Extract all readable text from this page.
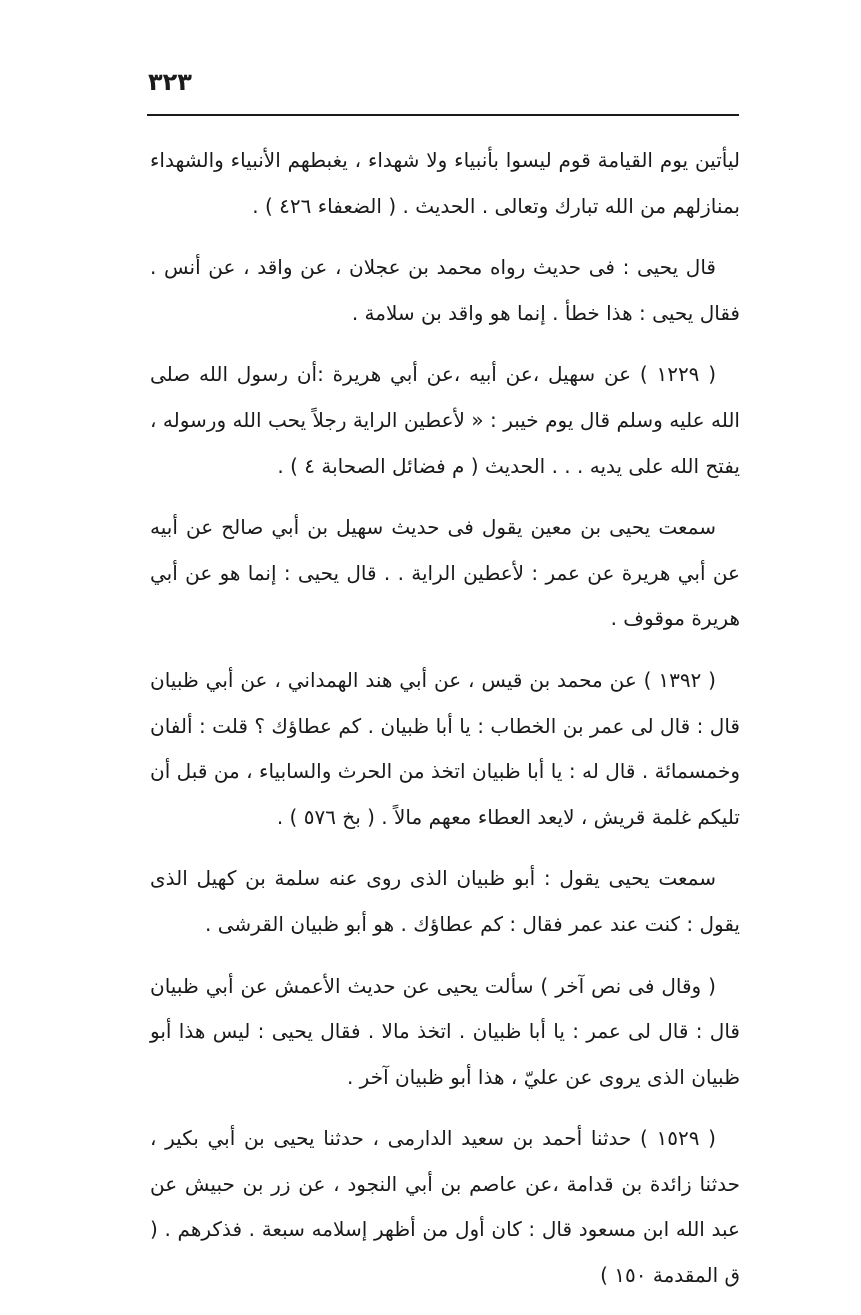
٣٢٣

ليأتين يوم القيامة قوم ليسوا بأنبياء ولا شهداء ، يغبطهم الأنبياء والشهداء بمنازلهم من الله تبارك وتعالى . الحديث . ( الضعفاء ٤٢٦ ) .

قال يحيى : فى حديث رواه محمد بن عجلان ، عن واقد ، عن أنس . فقال يحيى : هذا خطأ . إنما هو واقد بن سلامة .

( ١٢٢٩ ) عن سهيل ،عن أبيه ،عن أبي هريرة :أن رسول الله صلى الله عليه وسلم قال يوم خيبر : « لأعطين الراية رجلاً يحب الله ورسوله ، يفتح الله على يديه . . . الحديث ( م فضائل الصحابة ٤ ) .

سمعت يحيى بن معين يقول فى حديث سهيل بن أبي صالح عن أبيه عن أبي هريرة عن عمر : لأعطين الراية . . قال يحيى : إنما هو عن أبي هريرة موقوف .

( ١٣٩٢ ) عن محمد بن قيس ، عن أبي هند الهمداني ، عن أبي ظبيان قال : قال لى عمر بن الخطاب : يا أبا ظبيان . كم عطاؤك ؟ قلت : ألفان وخمسمائة . قال له : يا أبا ظبيان اتخذ من الحرث والسابياء ، من قبل أن تليكم غلمة قريش ، لايعد العطاء معهم مالاً . ( بخ ٥٧٦ ) .

سمعت يحيى يقول : أبو ظبيان الذى روى عنه سلمة بن كهيل الذى يقول : كنت عند عمر فقال : كم عطاؤك . هو أبو ظبيان القرشى .

( وقال فى نص آخر ) سألت يحيى عن حديث الأعمش عن أبي ظبيان قال : قال لى عمر : يا أبا ظبيان . اتخذ مالا . فقال يحيى : ليس هذا أبو ظبيان الذى يروى عن عليّ ، هذا أبو ظبيان آخر .

( ١٥٢٩ ) حدثنا أحمد بن سعيد الدارمى ، حدثنا يحيى بن أبي بكير ، حدثنا زائدة بن قدامة ،عن عاصم بن أبي النجود ، عن زر بن حبيش عن عبد الله ابن مسعود قال : كان أول من أظهر إسلامه سبعة . فذكرهم . ( ق المقدمة ١٥٠ )
